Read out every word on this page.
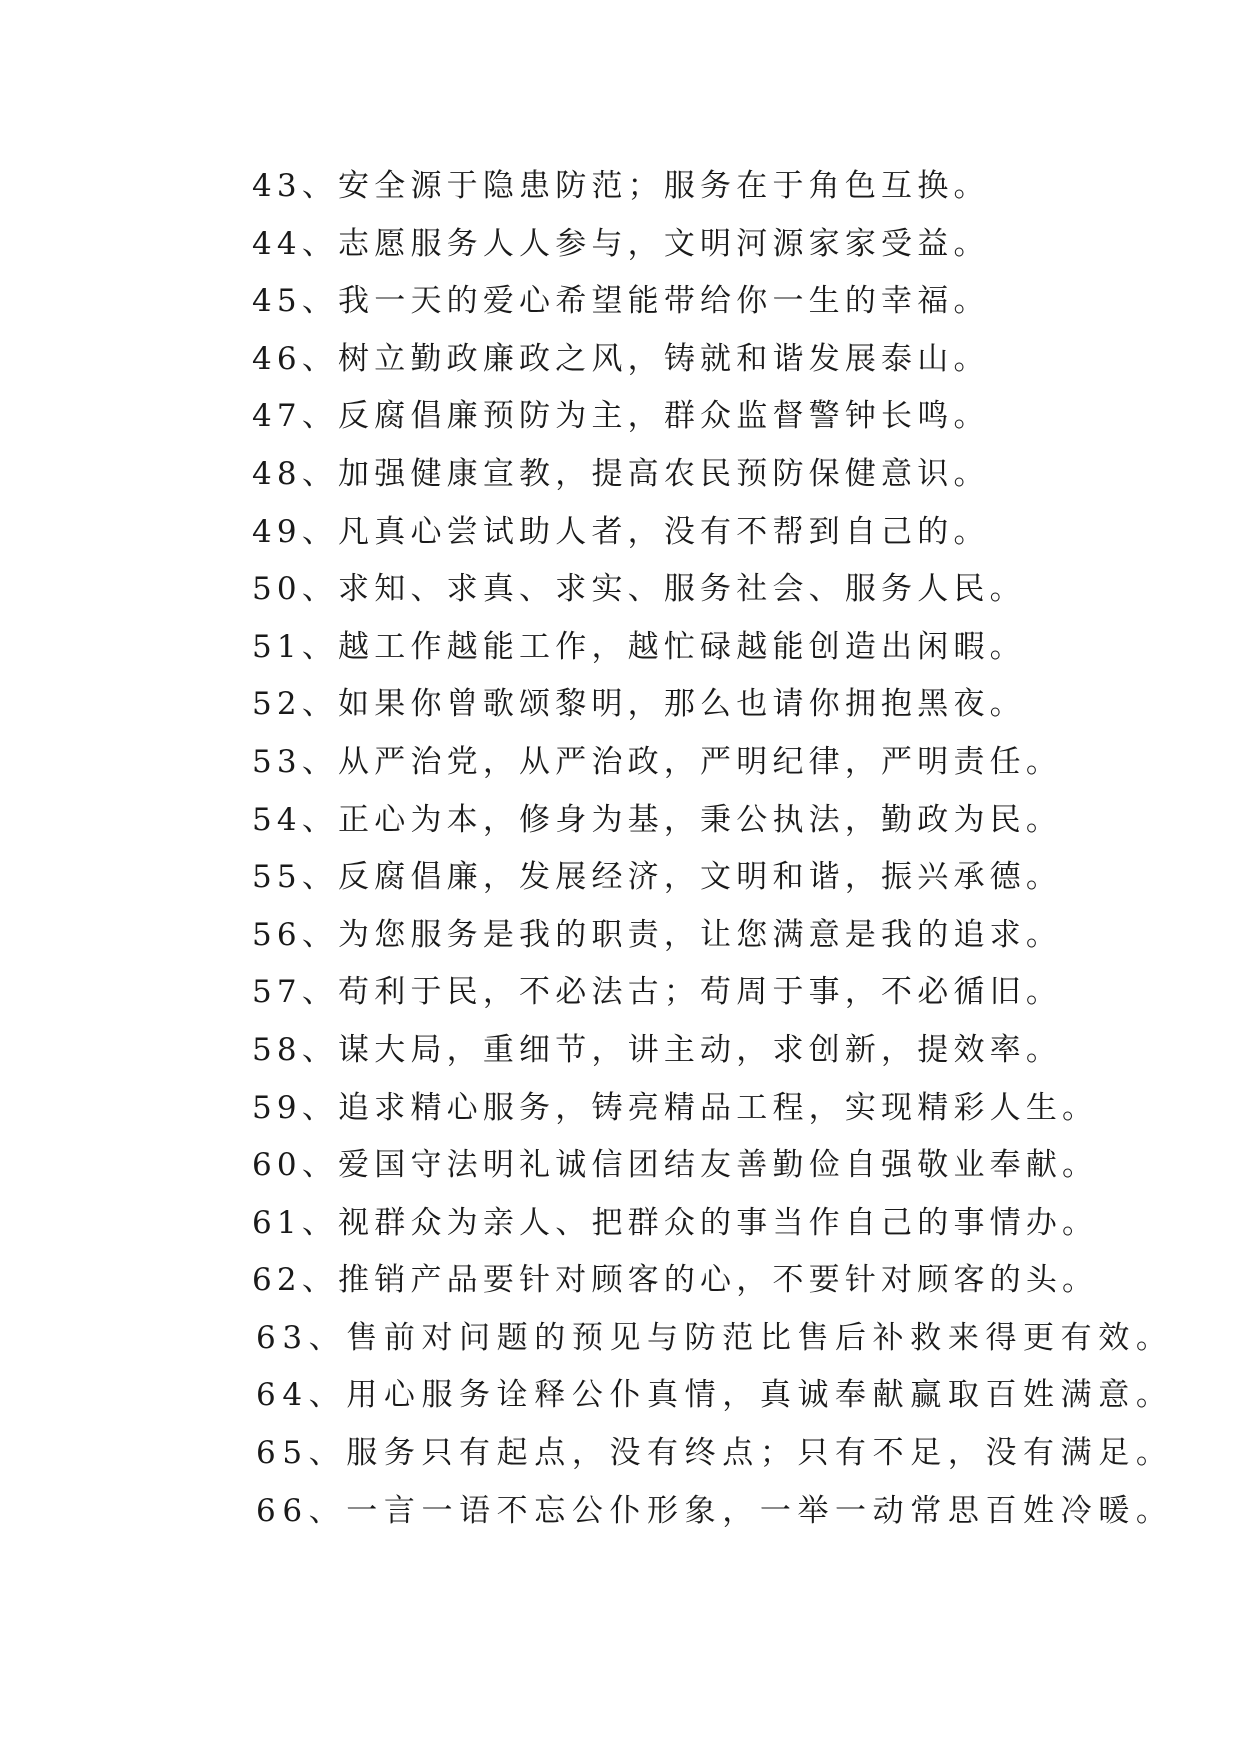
43、安全源于隐患防范；服务在于角色互换。
44、志愿服务人人参与，文明河源家家受益。
45、我一天的爱心希望能带给你一生的幸福。
46、树立勤政廉政之风，铸就和谐发展泰山。
47、反腐倡廉预防为主，群众监督警钟长鸣。
48、加强健康宣教，提高农民预防保健意识。
49、凡真心尝试助人者，没有不帮到自己的。
50、求知、求真、求实、服务社会、服务人民。
51、越工作越能工作，越忙碌越能创造出闲暇。
52、如果你曾歌颂黎明，那么也请你拥抱黑夜。
53、从严治党，从严治政，严明纪律，严明责任。
54、正心为本，修身为基，秉公执法，勤政为民。
55、反腐倡廉，发展经济，文明和谐，振兴承德。
56、为您服务是我的职责，让您满意是我的追求。
57、苟利于民，不必法古；苟周于事，不必循旧。
58、谋大局，重细节，讲主动，求创新，提效率。
59、追求精心服务，铸亮精品工程，实现精彩人生。
60、爱国守法明礼诚信团结友善勤俭自强敬业奉献。
61、视群众为亲人、把群众的事当作自己的事情办。
62、推销产品要针对顾客的心，不要针对顾客的头。
63、售前对问题的预见与防范比售后补救来得更有效。
64、用心服务诠释公仆真情，真诚奉献赢取百姓满意。
65、服务只有起点，没有终点；只有不足，没有满足。
66、一言一语不忘公仆形象，一举一动常思百姓冷暖。
